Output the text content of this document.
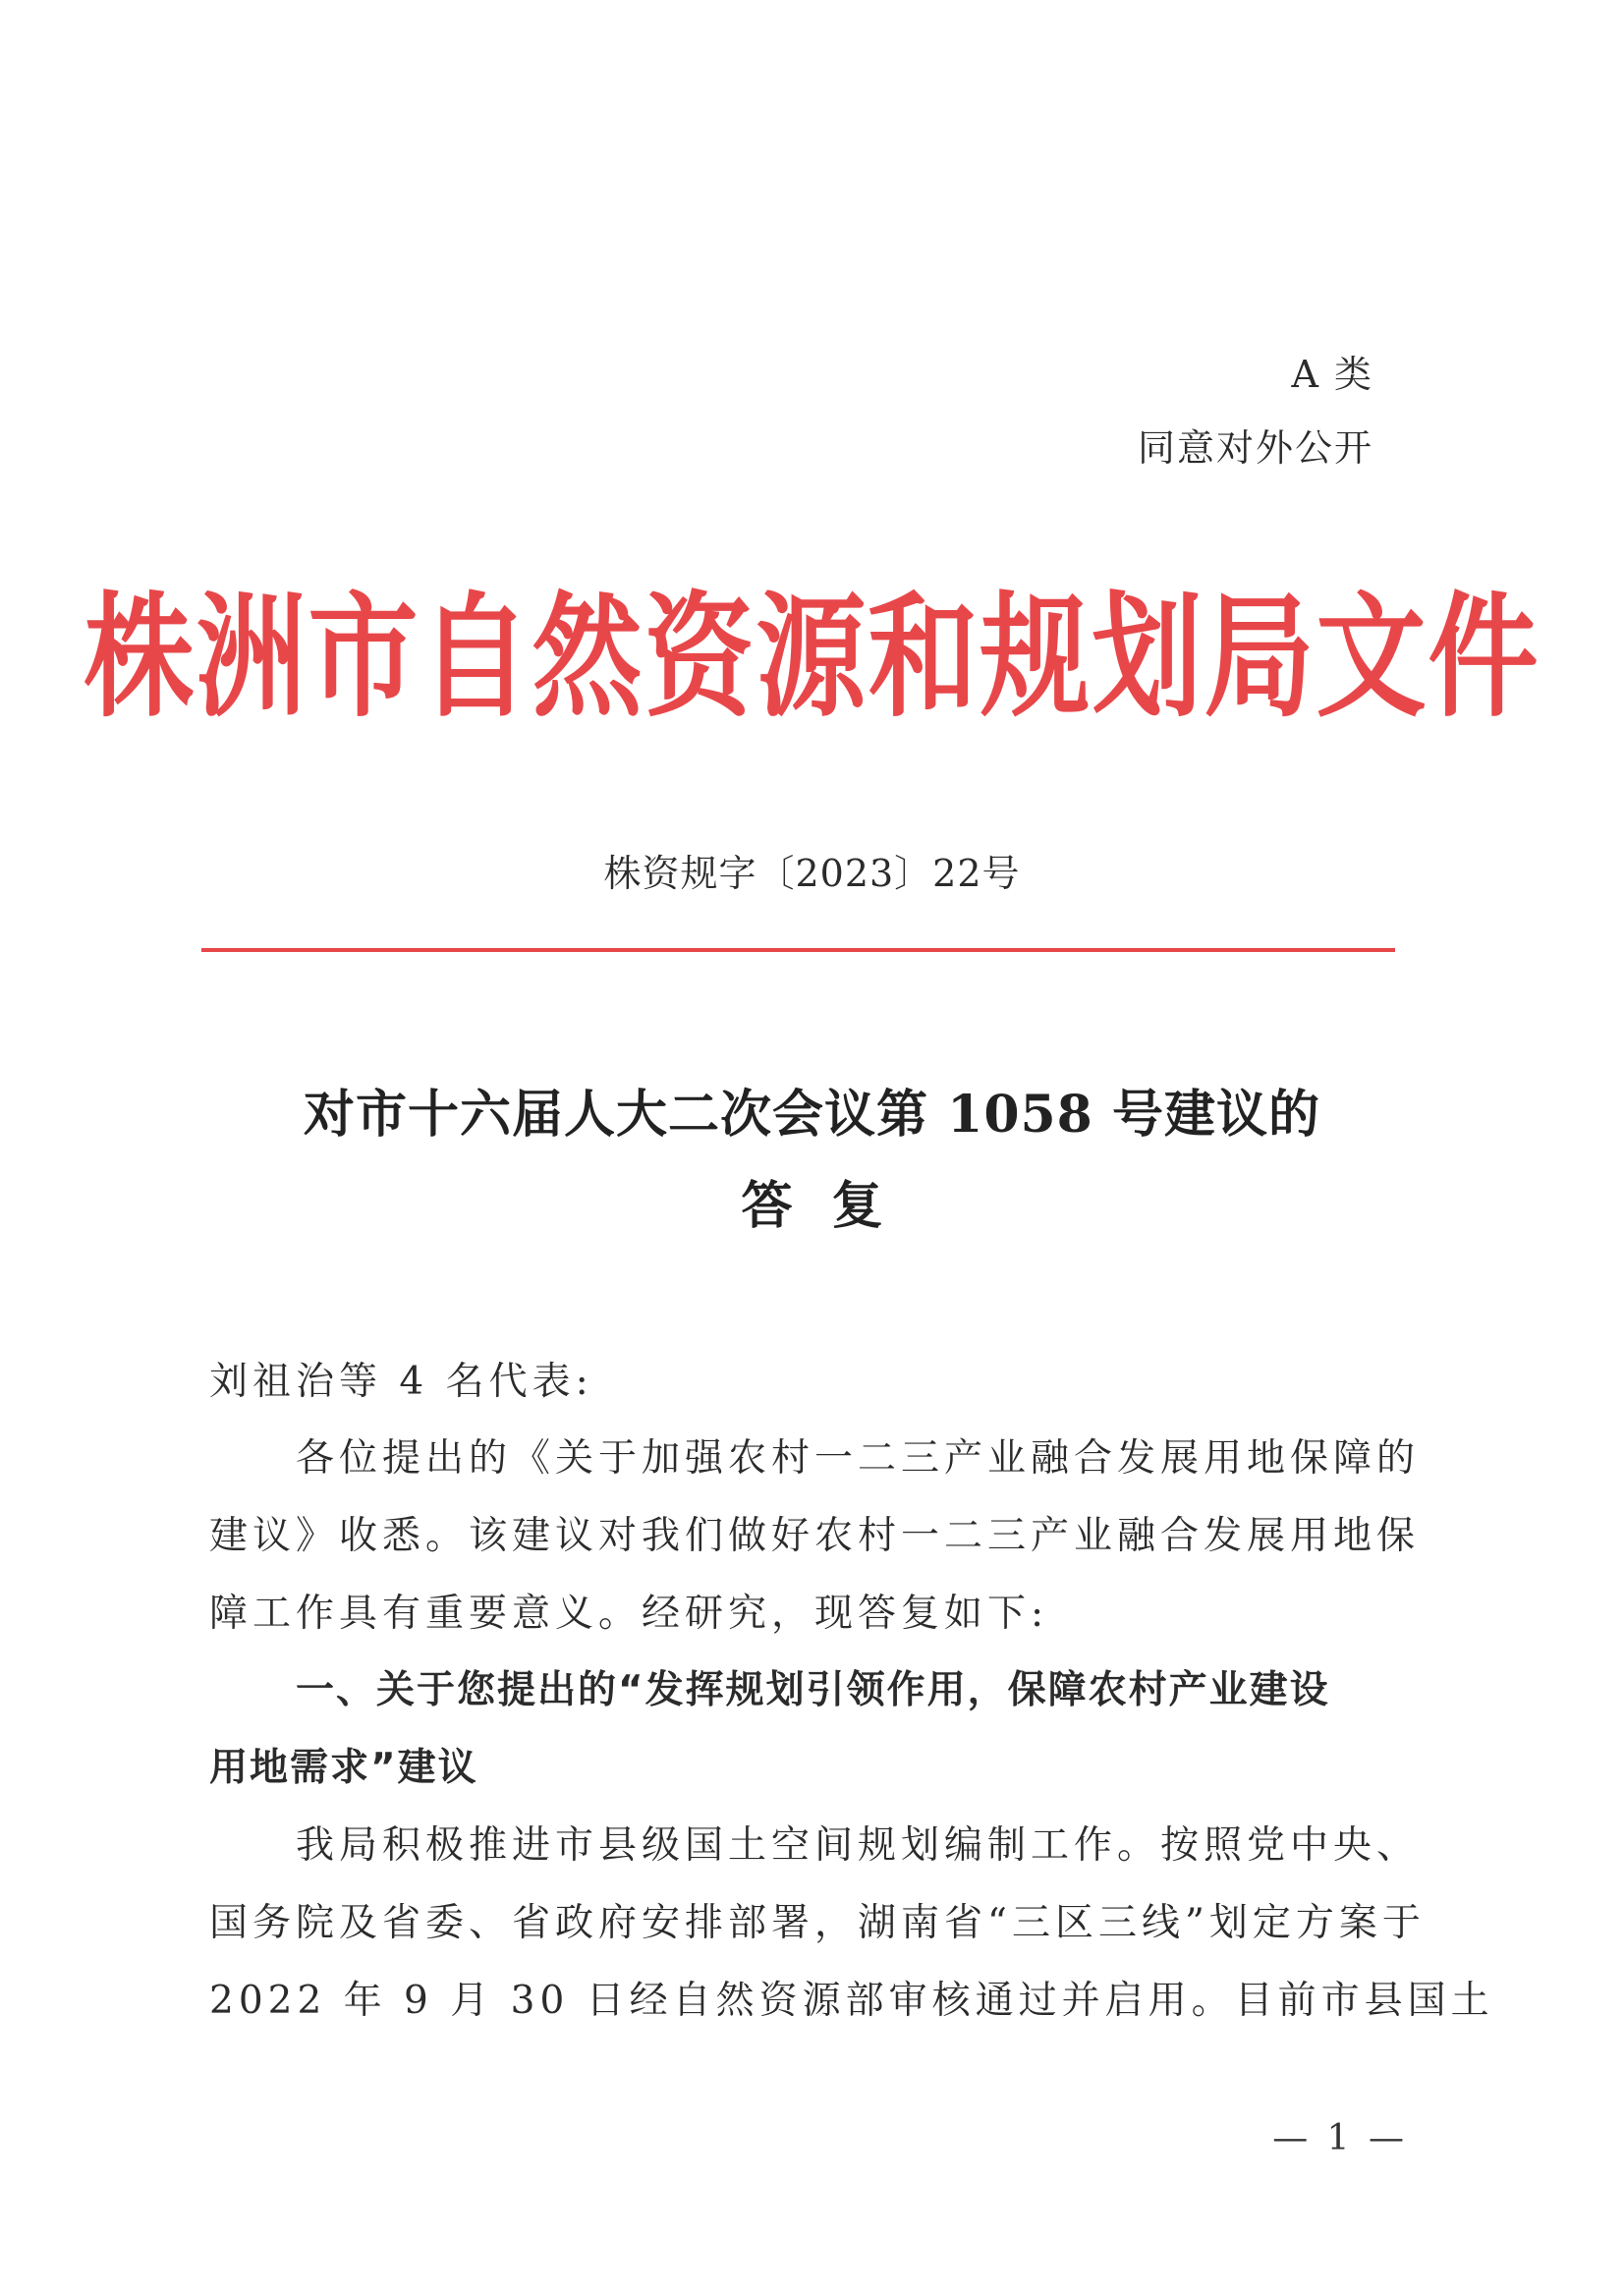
A 类
同意对外公开
株洲市自然资源和规划局文件
株资规字〔2023〕22号
对市十六届人大二次会议第 1058 号建议的
答复
刘祖治等 4 名代表:
各位提出的《关于加强农村一二三产业融合发展用地保障的
建议》收悉。该建议对我们做好农村一二三产业融合发展用地保
障工作具有重要意义。经研究，现答复如下:
一、关于您提出的“发挥规划引领作用，保障农村产业建设
用地需求”建议
我局积极推进市县级国土空间规划编制工作。按照党中央、
国务院及省委、省政府安排部署，湖南省“三区三线”划定方案于
2022 年 9 月 30 日经自然资源部审核通过并启用。目前市县国土
— 1 —
